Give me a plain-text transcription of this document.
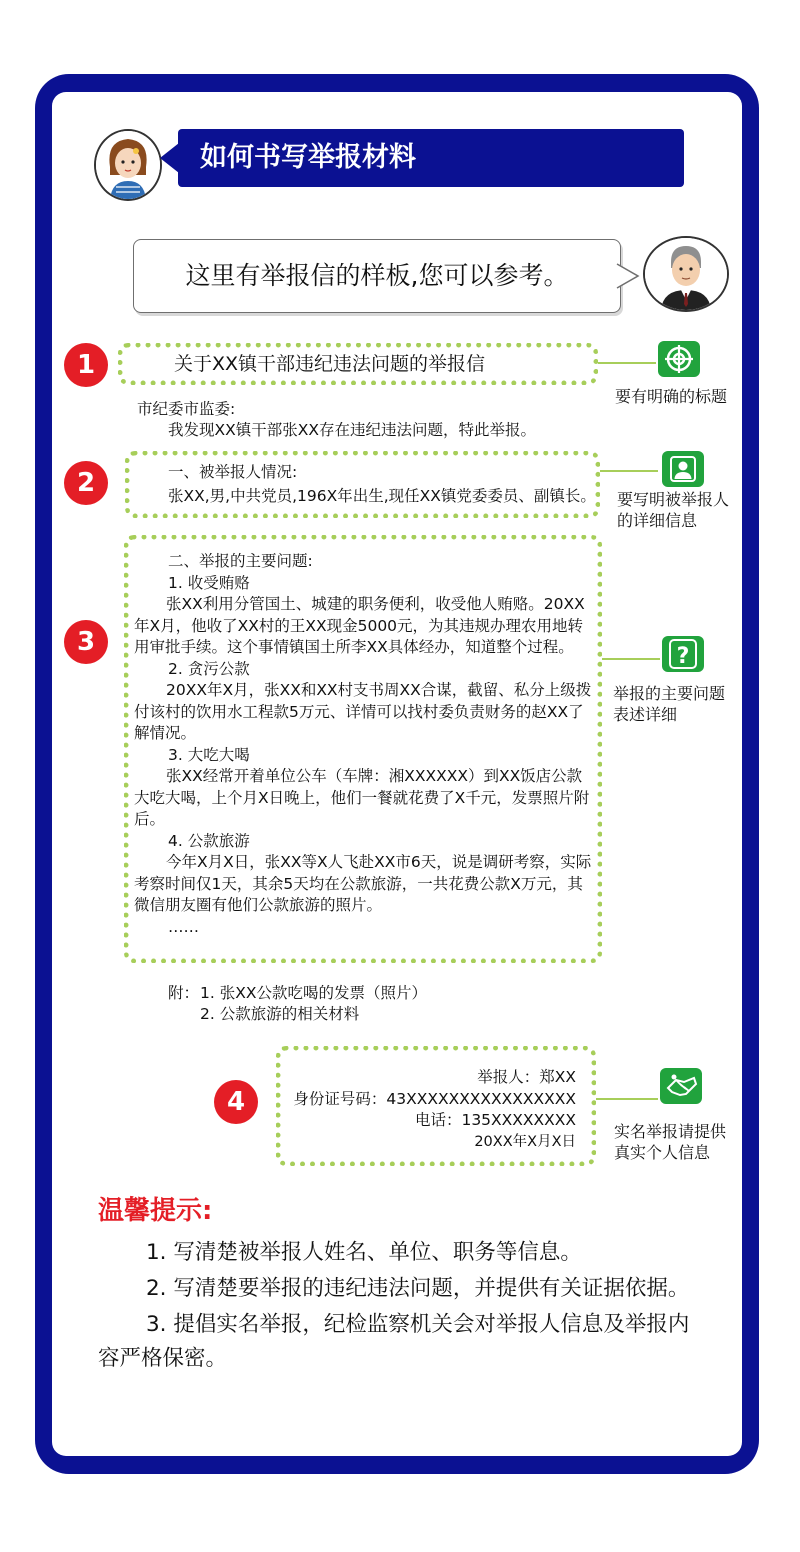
如何书写举报材料
这里有举报信的样板,您可以参考。
1	关于XX镇干部违纪违法问题的举报信
要有明确的标题
市纪委市监委:
我发现XX镇干部张XX存在违纪违法问题，特此举报。
2	一、被举报人情况:
张XX,男,中共党员,196X年出生,现任XX镇党委委员、副镇长。 要写明被举报人
的详细信息
3

二、举报的主要问题:

1. 收受贿赂

张XX利用分管国土、城建的职务便利，收受他人贿赂。20XX年X月，他收了XX村的王XX现金5000元，为其违规办理农用地转用审批手续。这个事情镇国土所李XX具体经办，知道整个过程。

2. 贪污公款

20XX年X月，张XX和XX村支书周XX合谋，截留、私分上级拨付该村的饮用水工程款5万元、详情可以找村委负责财务的赵XX了解情况。

3. 大吃大喝

张XX经常开着单位公车（车牌：湘XXXXXX）到XX饭店公款大吃大喝，上个月X日晚上，他们一餐就花费了X千元，发票照片附后。

4. 公款旅游

今年X月X日，张XX等X人飞赴XX市6天，说是调研考察，实际考察时间仅1天，其余5天均在公款旅游，一共花费公款X万元，其微信朋友圈有他们公款旅游的照片。

……

?
举报的主要问题
表述详细
附： 1. 张XX公款吃喝的发票（照片）
2. 公款旅游的相关材料
4
举报人：郑XX
身份证号码：43XXXXXXXXXXXXXXXX
电话：135XXXXXXXX
20XX年X月X日
实名举报请提供
真实个人信息
温馨提示:

1. 写清楚被举报人姓名、单位、职务等信息。

2. 写清楚要举报的违纪违法问题，并提供有关证据依据。

3. 提倡实名举报，纪检监察机关会对举报人信息及举报内容严格保密。
